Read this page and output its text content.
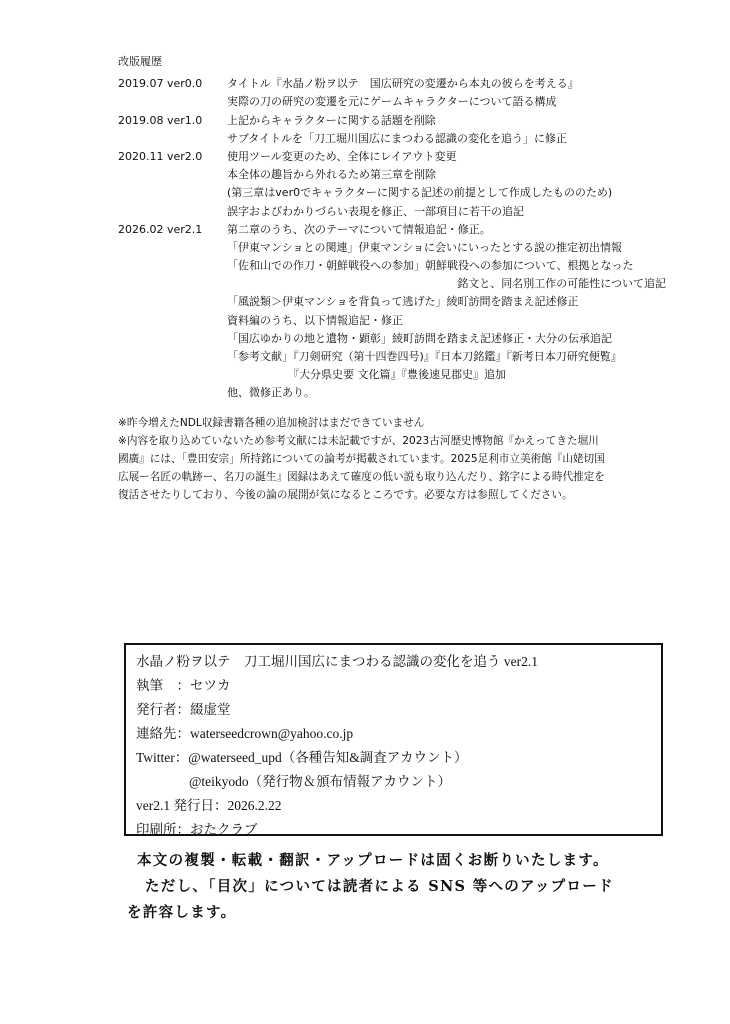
改版履歴
2019.07 ver0.0	タイトル『水晶ノ粉ヲ以テ　国広研究の変遷から本丸の彼らを考える』
実際の刀の研究の変遷を元にゲームキャラクターについて語る構成
2019.08 ver1.0	上記からキャラクターに関する話題を削除
サブタイトルを「刀工堀川国広にまつわる認識の変化を追う」に修正
2020.11 ver2.0	使用ツール変更のため、全体にレイアウト変更
本全体の趣旨から外れるため第三章を削除
(第三章はver0でキャラクターに関する記述の前提として作成したもののため)
誤字およびわかりづらい表現を修正、一部項目に若干の追記
2026.02 ver2.1	第二章のうち、次のテーマについて情報追記・修正。
「伊東マンショとの関連」伊東マンショに会いにいったとする説の推定初出情報
「佐和山での作刀・朝鮮戦役への参加」朝鮮戦役への参加について、根拠となった
銘文と、同名別工作の可能性について追記
「風説類＞伊東マンショを背負って逃げた」綾町訪問を踏まえ記述修正
資料編のうち、以下情報追記・修正
「国広ゆかりの地と遺物・顕彰」綾町訪問を踏まえ記述修正・大分の伝承追記
「参考文献」『刀剣研究（第十四巻四号)』『日本刀銘鑑』『新考日本刀研究便覧』
『大分県史要 文化篇』『豊後速見郡史』追加
他、微修正あり。
※昨今増えたNDL収録書籍各種の追加検討はまだできていません
※内容を取り込めていないため参考文献には未記載ですが、2023古河歴史博物館『かえってきた堀川
國廣』には、「豊田安宗」所持銘についての論考が掲載されています。2025足利市立美術館『山姥切国
広展ー名匠の軌跡ー、名刀の誕生』図録はあえて確度の低い説も取り込んだり、銘字による時代推定を
復活させたりしており、今後の論の展開が気になるところです。必要な方は参照してください。
水晶ノ粉ヲ以テ　刀工堀川国広にまつわる認識の変化を追う ver2.1
執筆　：セツカ
発行者：綴虚堂
連絡先：waterseedcrown@yahoo.co.jp
Twitter：@waterseed_upd（各種告知&調査アカウント）
@teikyodo（発行物＆頒布情報アカウント）
ver2.1 発行日：2026.2.22
印刷所：おたクラブ
本文の複製・転載・翻訳・アップロードは固くお断りいたします。
ただし、「目次」については読者による SNS 等へのアップロード
を許容します。
